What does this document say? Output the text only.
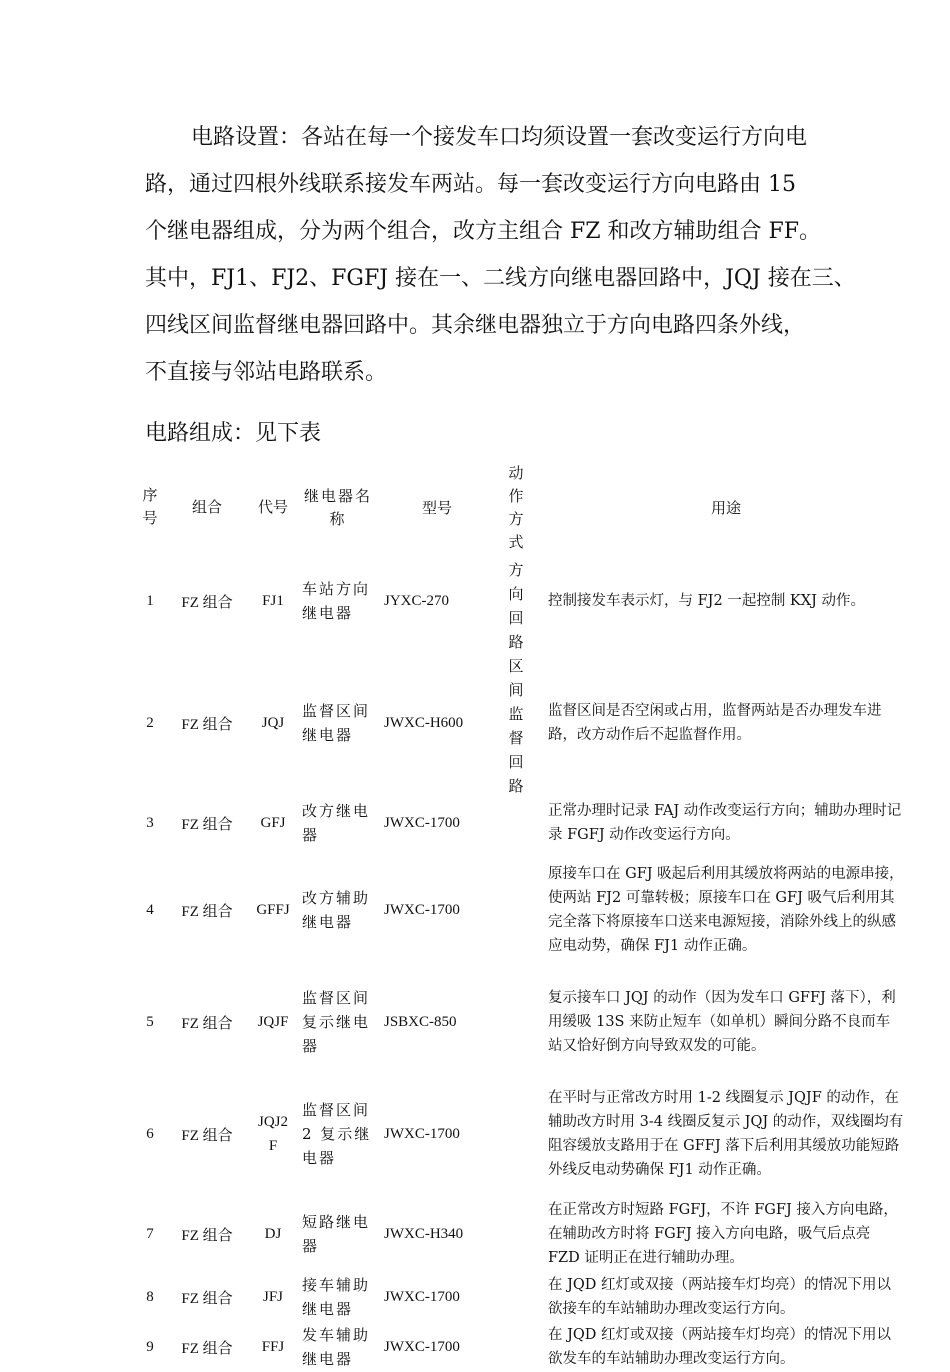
电路设置：各站在每一个接发车口均须设置一套改变运行方向电
路，通过四根外线联系接发车两站。每一套改变运行方向电路由 15
个继电器组成，分为两个组合，改方主组合 FZ 和改方辅助组合 FF。
其中，FJ1、FJ2、FGFJ 接在一、二线方向继电器回路中，JQJ 接在三、
四线区间监督继电器回路中。其余继电器独立于方向电路四条外线，
不直接与邻站电路联系。

电路组成：见下表

序号	组合	代号	继电器名称	型号	动作方式	用途
1	FZ 组合	FJ1	车站方向继电器	JYXC-270	方向回路区间监督回路	控制接发车表示灯，与 FJ2 一起控制 KXJ 动作。
2	FZ 组合	JQJ	监督区间继电器	JWXC-H600		监督区间是否空闲或占用，监督两站是否办理发车进路，改方动作后不起监督作用。
3	FZ 组合	GFJ	改方继电器	JWXC-1700		正常办理时记录 FAJ 动作改变运行方向；辅助办理时记录 FGFJ 动作改变运行方向。
4	FZ 组合	GFFJ	改方辅助继电器	JWXC-1700		原接车口在 GFJ 吸起后利用其缓放将两站的电源串接，使两站 FJ2 可靠转极；原接车口在 GFJ 吸气后利用其完全落下将原接车口送来电源短接，消除外线上的纵感应电动势，确保 FJ1 动作正确。
5	FZ 组合	JQJF	监督区间复示继电器	JSBXC-850		复示接车口 JQJ 的动作（因为发车口 GFFJ 落下），利用缓吸 13S 来防止短车（如单机）瞬间分路不良而车站又恰好倒方向导致双发的可能。
6	FZ 组合	JQJ2F	监督区间2 复示继电器	JWXC-1700		在平时与正常改方时用 1-2 线圈复示 JQJF 的动作，在辅助改方时用 3-4 线圈反复示 JQJ 的动作，双线圈均有阻容缓放支路用于在 GFFJ 落下后利用其缓放功能短路外线反电动势确保 FJ1 动作正确。
7	FZ 组合	DJ	短路继电器	JWXC-H340		在正常改方时短路 FGFJ，不许 FGFJ 接入方向电路，在辅助改方时将 FGFJ 接入方向电路，吸气后点亮 FZD 证明正在进行辅助办理。
8	FZ 组合	JFJ	接车辅助继电器	JWXC-1700		在 JQD 红灯或双接（两站接车灯均亮）的情况下用以欲接车的车站辅助办理改变运行方向。
9	FZ 组合	FFJ	发车辅助继电器	JWXC-1700		在 JQD 红灯或双接（两站接车灯均亮）的情况下用以欲发车的车站辅助办理改变运行方向。
